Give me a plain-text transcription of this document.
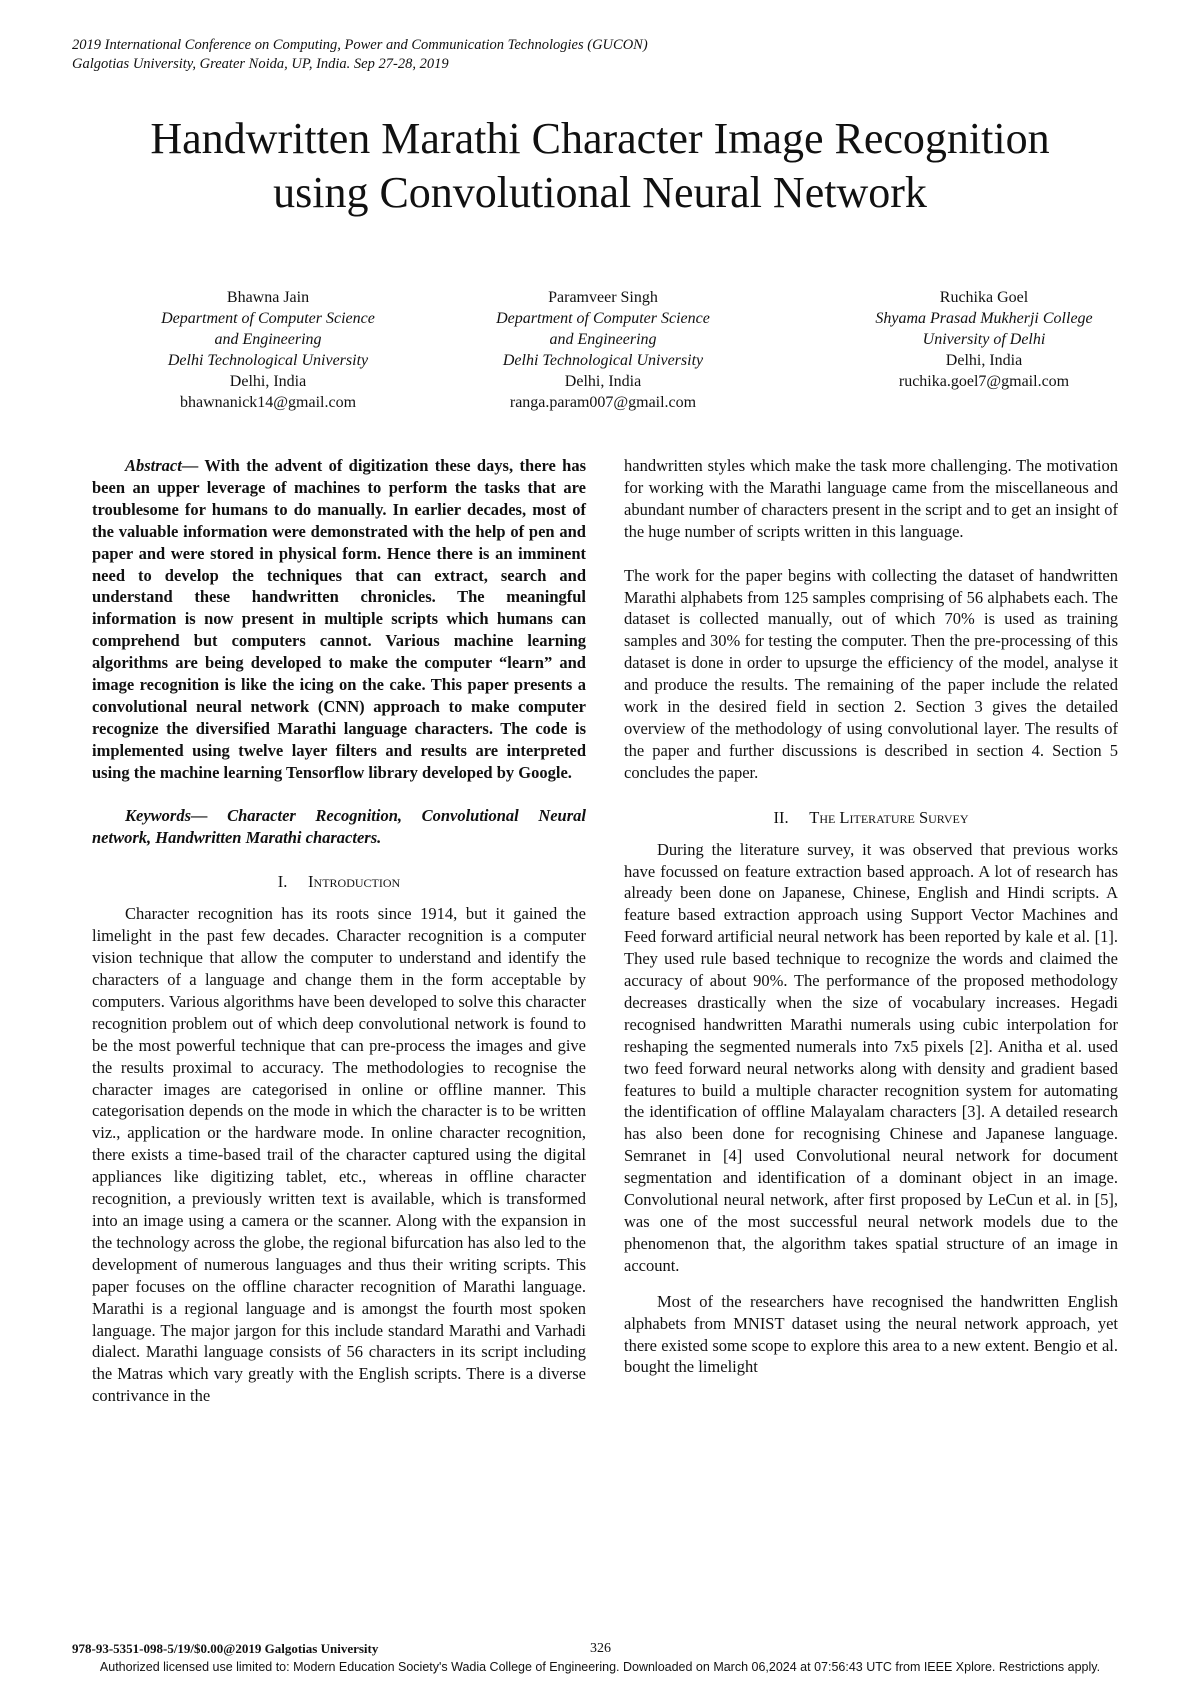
2019 International Conference on Computing, Power and Communication Technologies (GUCON)
Galgotias University, Greater Noida, UP, India. Sep 27-28, 2019
Handwritten Marathi Character Image Recognition
using Convolutional Neural Network
Bhawna Jain
Department of Computer Science
and Engineering
Delhi Technological University
Delhi, India
bhawnanick14@gmail.com
Paramveer Singh
Department of Computer Science
and Engineering
Delhi Technological University
Delhi, India
ranga.param007@gmail.com
Ruchika Goel
Shyama Prasad Mukherji College
University of Delhi
Delhi, India
ruchika.goel7@gmail.com

Abstract— With the advent of digitization these days, there has been an upper leverage of machines to perform the tasks that are troublesome for humans to do manually. In earlier decades, most of the valuable information were demonstrated with the help of pen and paper and were stored in physical form. Hence there is an imminent need to develop the techniques that can extract, search and understand these handwritten chronicles. The meaningful information is now present in multiple scripts which humans can comprehend but computers cannot. Various machine learning algorithms are being developed to make the computer “learn” and image recognition is like the icing on the cake. This paper presents a convolutional neural network (CNN) approach to make computer recognize the diversified Marathi language characters. The code is implemented using twelve layer filters and results are interpreted using the machine learning Tensorflow library developed by Google.

Keywords— Character Recognition, Convolutional Neural network, Handwritten Marathi characters.

I. Introduction

Character recognition has its roots since 1914, but it gained the limelight in the past few decades. Character recognition is a computer vision technique that allow the computer to understand and identify the characters of a language and change them in the form acceptable by computers. Various algorithms have been developed to solve this character recognition problem out of which deep convolutional network is found to be the most powerful technique that can pre-process the images and give the results proximal to accuracy. The methodologies to recognise the character images are categorised in online or offline manner. This categorisation depends on the mode in which the character is to be written viz., application or the hardware mode. In online character recognition, there exists a time-based trail of the character captured using the digital appliances like digitizing tablet, etc., whereas in offline character recognition, a previously written text is available, which is transformed into an image using a camera or the scanner. Along with the expansion in the technology across the globe, the regional bifurcation has also led to the development of numerous languages and thus their writing scripts. This paper focuses on the offline character recognition of Marathi language. Marathi is a regional language and is amongst the fourth most spoken language. The major jargon for this include standard Marathi and Varhadi dialect. Marathi language consists of 56 characters in its script including the Matras which vary greatly with the English scripts. There is a diverse contrivance in the

handwritten styles which make the task more challenging. The motivation for working with the Marathi language came from the miscellaneous and abundant number of characters present in the script and to get an insight of the huge number of scripts written in this language.

The work for the paper begins with collecting the dataset of handwritten Marathi alphabets from 125 samples comprising of 56 alphabets each. The dataset is collected manually, out of which 70% is used as training samples and 30% for testing the computer. Then the pre-processing of this dataset is done in order to upsurge the efficiency of the model, analyse it and produce the results. The remaining of the paper include the related work in the desired field in section 2. Section 3 gives the detailed overview of the methodology of using convolutional layer. The results of the paper and further discussions is described in section 4. Section 5 concludes the paper.

II. The Literature Survey

During the literature survey, it was observed that previous works have focussed on feature extraction based approach. A lot of research has already been done on Japanese, Chinese, English and Hindi scripts. A feature based extraction approach using Support Vector Machines and Feed forward artificial neural network has been reported by kale et al. [1]. They used rule based technique to recognize the words and claimed the accuracy of about 90%. The performance of the proposed methodology decreases drastically when the size of vocabulary increases. Hegadi recognised handwritten Marathi numerals using cubic interpolation for reshaping the segmented numerals into 7x5 pixels [2]. Anitha et al. used two feed forward neural networks along with density and gradient based features to build a multiple character recognition system for automating the identification of offline Malayalam characters [3]. A detailed research has also been done for recognising Chinese and Japanese language. Semranet in [4] used Convolutional neural network for document segmentation and identification of a dominant object in an image. Convolutional neural network, after first proposed by LeCun et al. in [5], was one of the most successful neural network models due to the phenomenon that, the algorithm takes spatial structure of an image in account.

Most of the researchers have recognised the handwritten English alphabets from MNIST dataset using the neural network approach, yet there existed some scope to explore this area to a new extent. Bengio et al. bought the limelight

978-93-5351-098-5/19/$0.00@2019 Galgotias University	326
Authorized licensed use limited to: Modern Education Society's Wadia College of Engineering. Downloaded on March 06,2024 at 07:56:43 UTC from IEEE Xplore. Restrictions apply.
